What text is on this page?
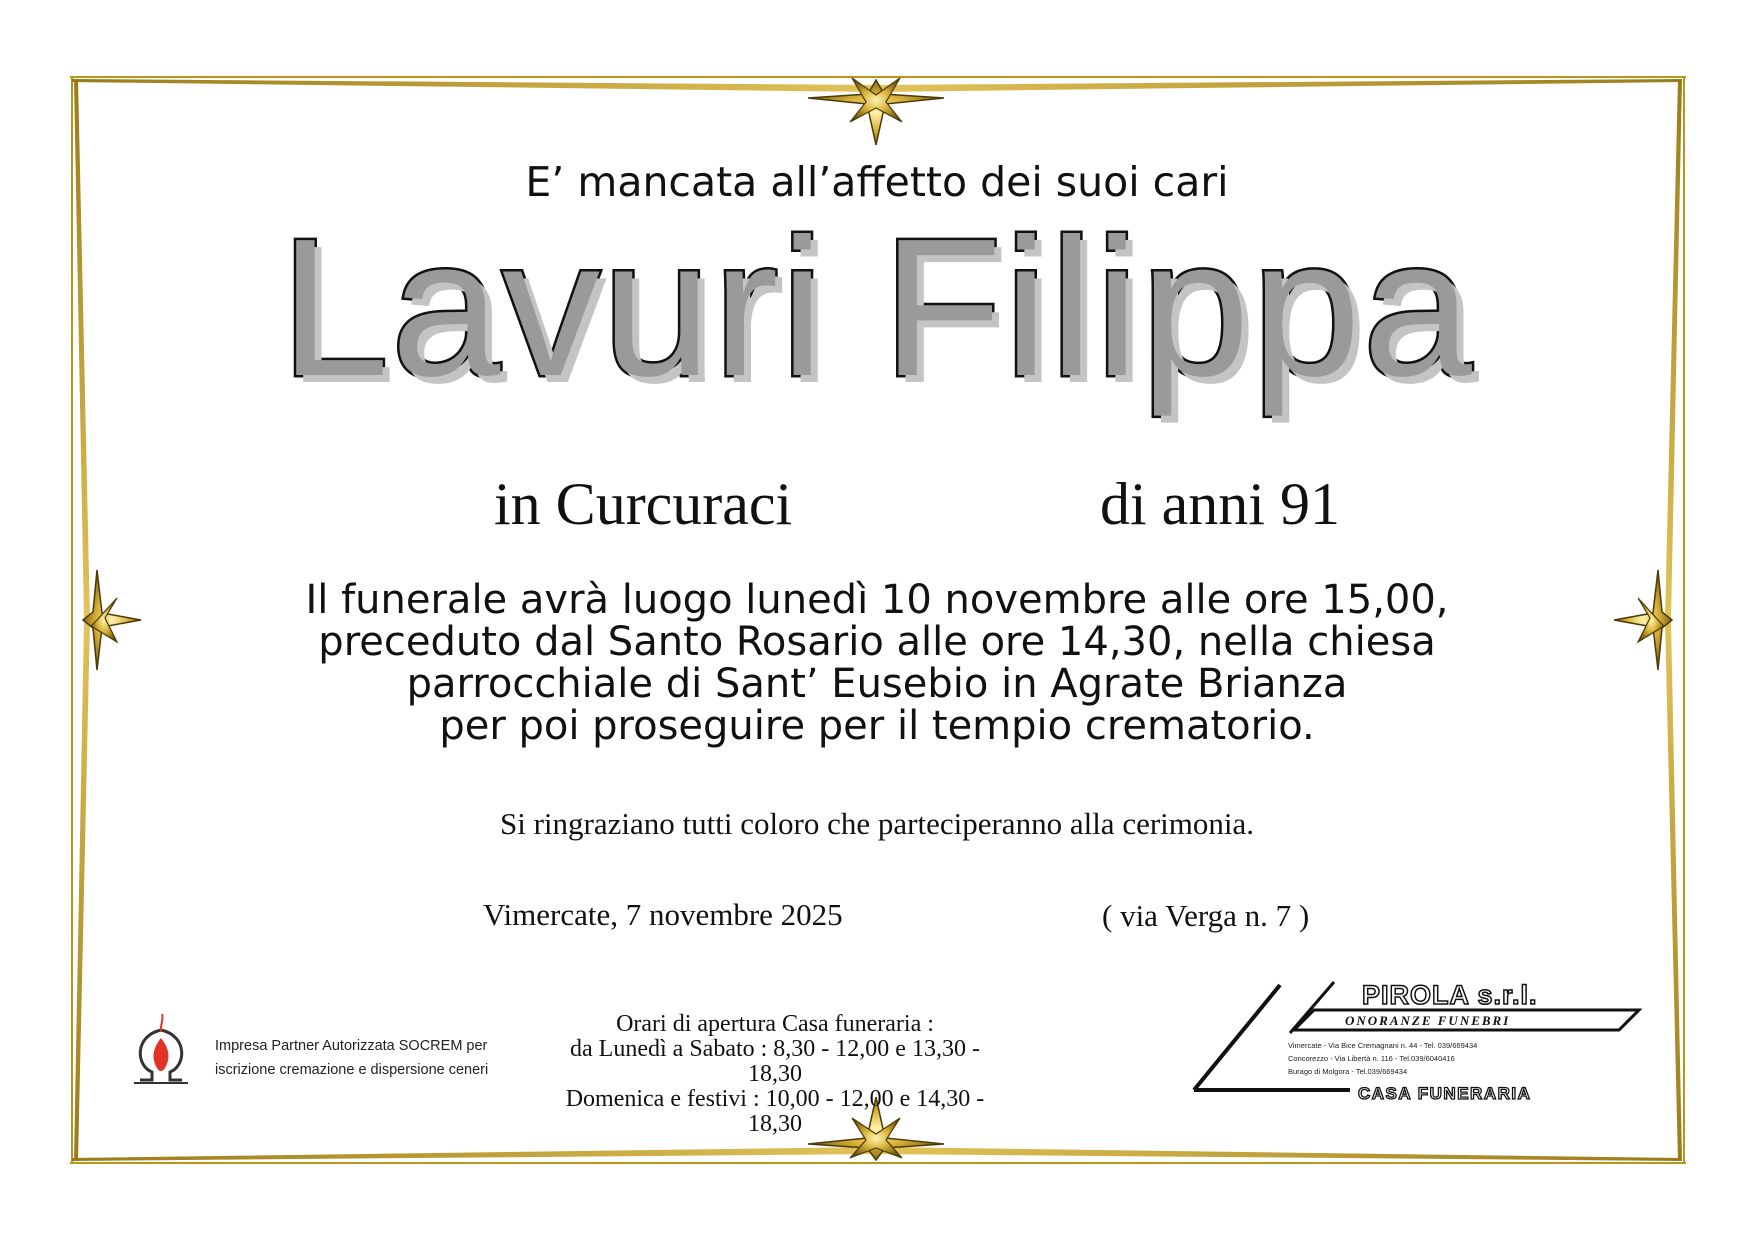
E’ mancata all’affetto dei suoi cari
Lavuri Filippa
in Curcuraci	di anni 91
Il funerale avrà luogo lunedì 10 novembre alle ore 15,00,
preceduto dal Santo Rosario alle ore 14,30, nella chiesa
parrocchiale di Sant’ Eusebio in Agrate Brianza
per poi proseguire per il tempio crematorio.
Si ringraziano tutti coloro che parteciperanno alla cerimonia.
Vimercate, 7 novembre 2025	( via Verga n. 7 )
Impresa Partner Autorizzata SOCREM per
iscrizione cremazione e dispersione ceneri
Orari di apertura Casa funeraria :
da Lunedì a Sabato : 8,30 - 12,00 e 13,30 - 18,30
Domenica e festivi : 10,00 - 12,00 e 14,30 - 18,30
PIROLA s.r.l.
ONORANZE FUNEBRI
Vimercate - Via Bice Cremagnani n. 44 - Tel. 039/669434
Concorezzo - Via Libertà n. 116 - Tel.039/6040416
Burago di Molgora - Tel.039/669434
CASA FUNERARIA
